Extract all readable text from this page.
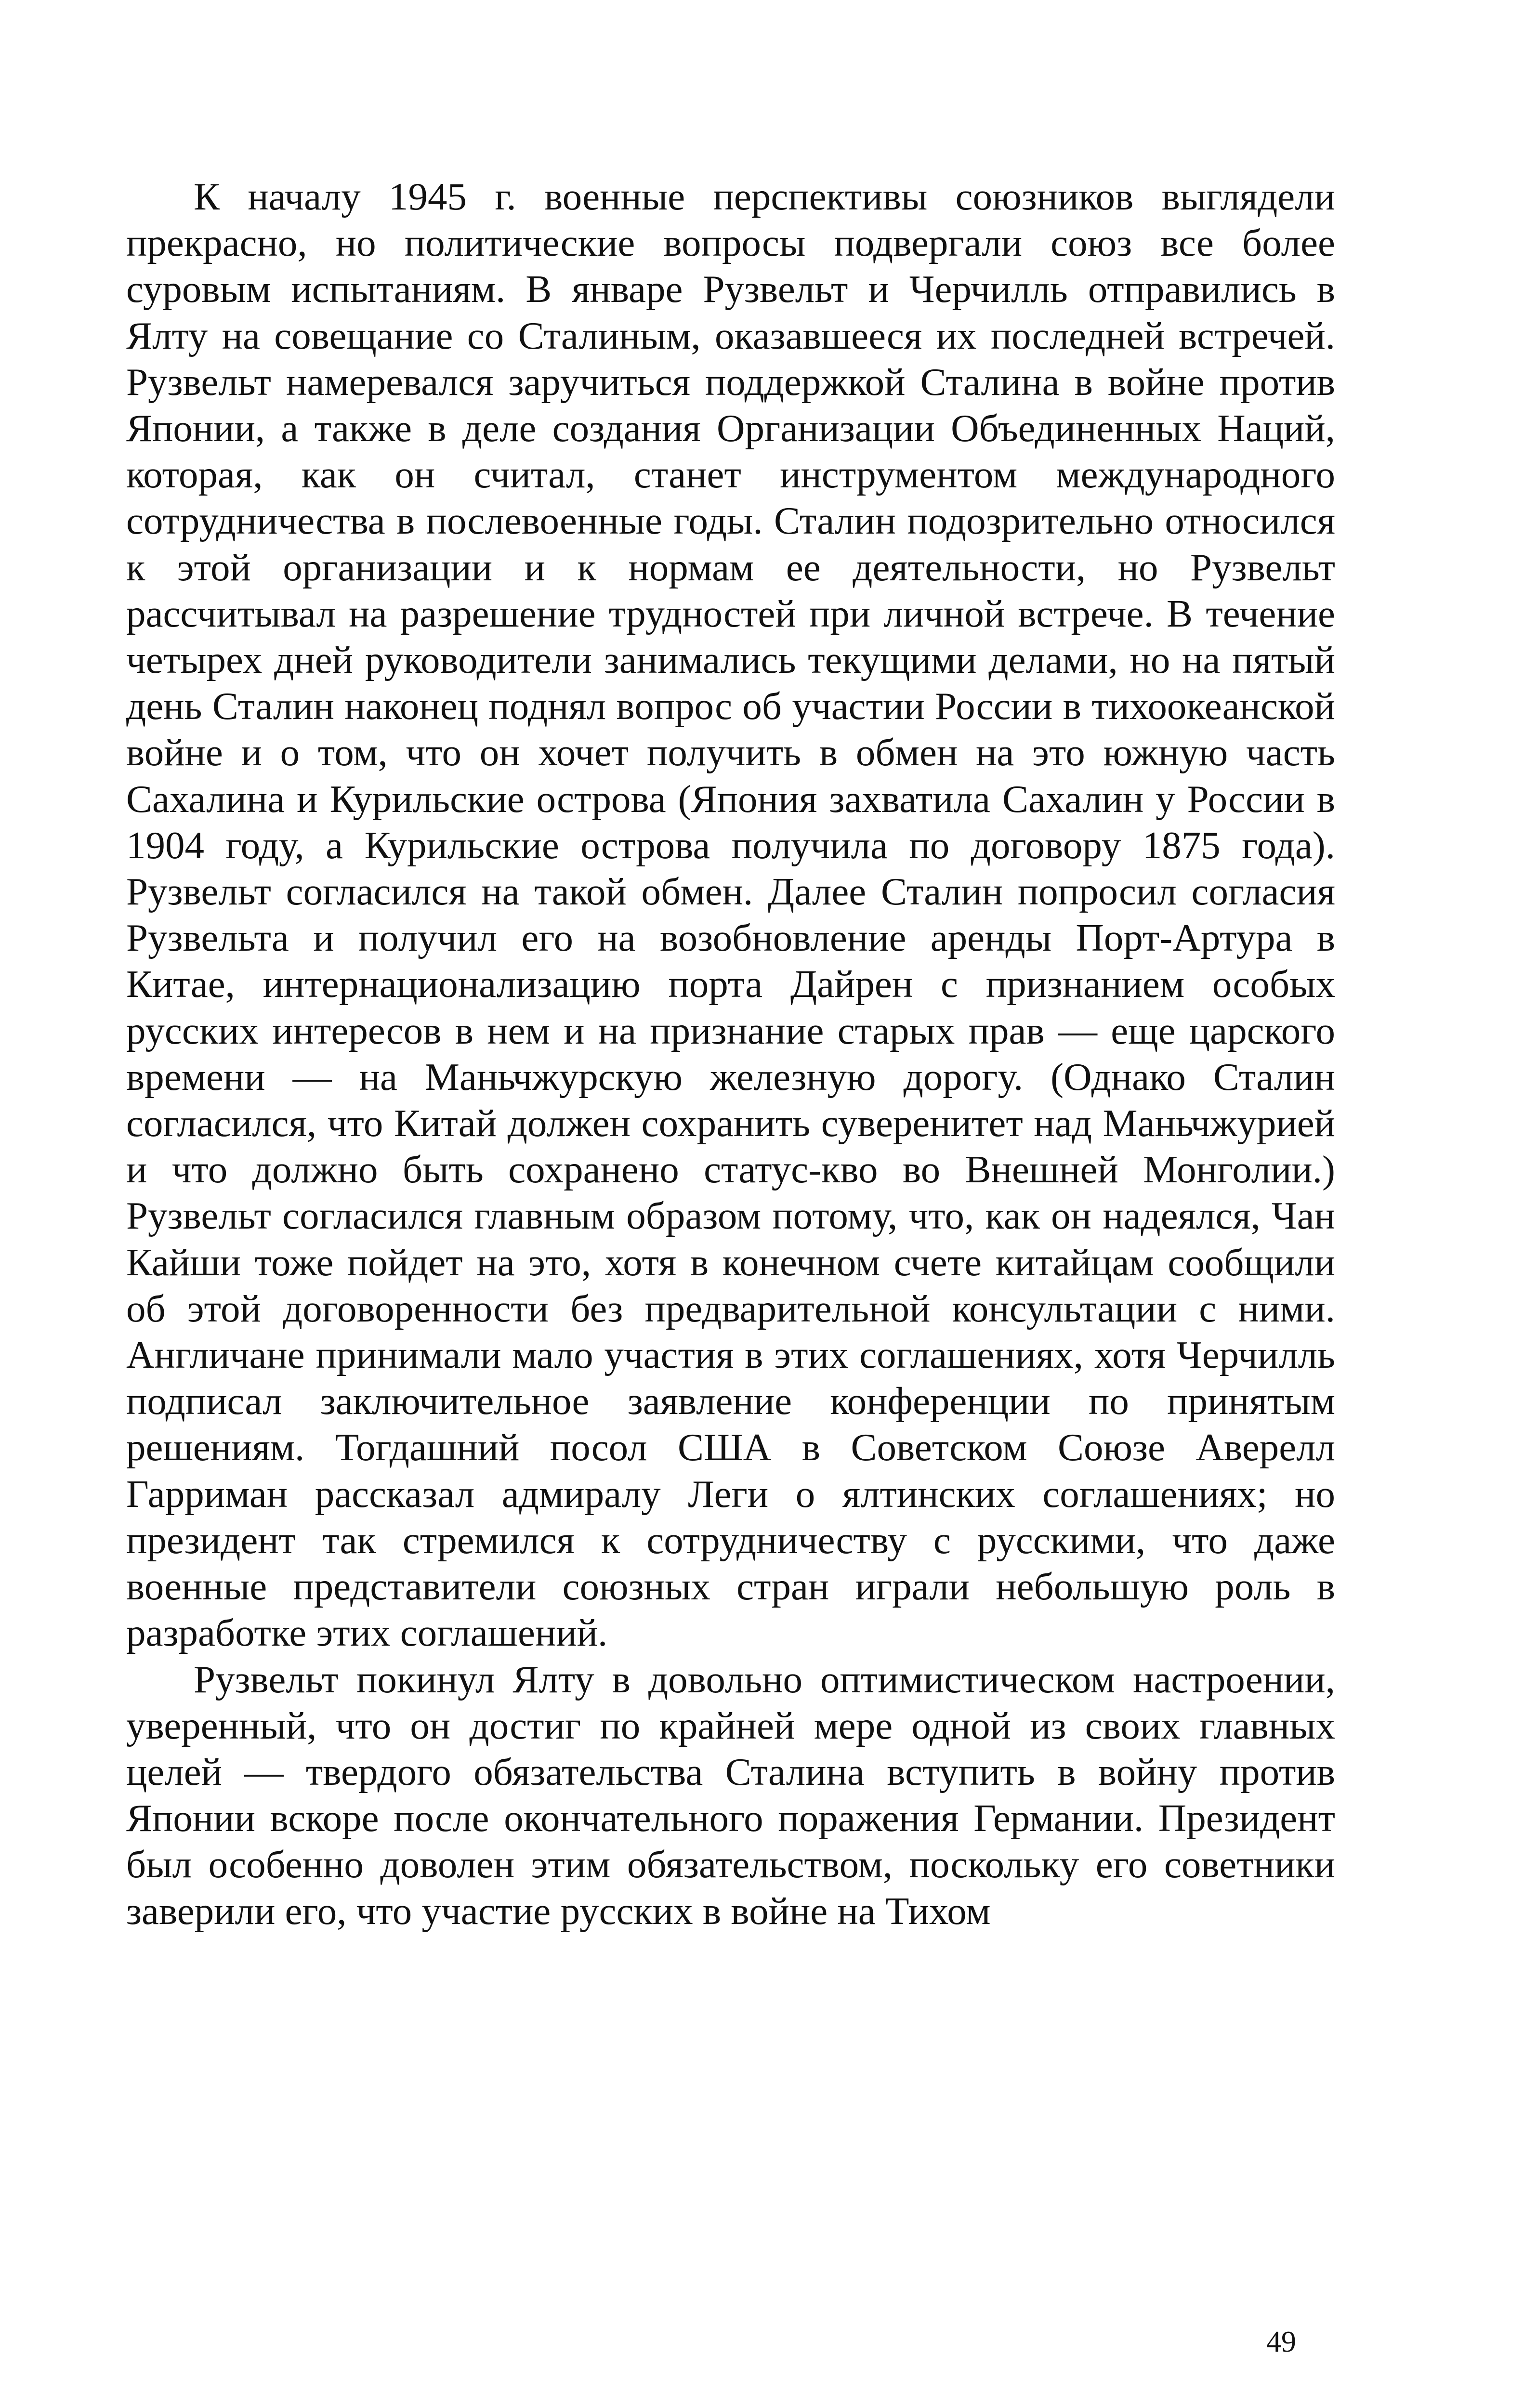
К началу 1945 г. военные перспективы союзников выглядели прекрасно, но политические вопросы подвергали союз все более суровым испытаниям. В январе Рузвельт и Черчилль отправились в Ялту на совещание со Сталиным, оказавшееся их последней встречей. Рузвельт намеревался заручиться поддержкой Сталина в войне против Японии, а также в деле создания Организации Объединенных Наций, которая, как он считал, станет инструментом международного сотрудничества в послевоенные годы. Сталин подозрительно относился к этой организации и к нормам ее деятельности, но Рузвельт рассчитывал на разрешение трудностей при личной встрече. В течение четырех дней руководители занимались текущими делами, но на пятый день Сталин наконец поднял вопрос об участии России в тихоокеанской войне и о том, что он хочет получить в обмен на это южную часть Сахалина и Курильские острова (Япония захватила Сахалин у России в 1904 году, а Курильские острова получила по договору 1875 года). Рузвельт согласился на такой обмен. Далее Сталин попросил согласия Рузвельта и получил его на возобновление аренды Порт-Артура в Китае, интернационализацию порта Дайрен с признанием особых русских интересов в нем и на признание старых прав — еще царского времени — на Маньчжурскую железную дорогу. (Однако Сталин согласился, что Китай должен сохранить суверенитет над Маньчжурией и что должно быть сохранено статус-кво во Внешней Монголии.) Рузвельт согласился главным образом потому, что, как он надеялся, Чан Кайши тоже пойдет на это, хотя в конечном счете китайцам сообщили об этой договоренности без предварительной консультации с ними. Англичане принимали мало участия в этих соглашениях, хотя Черчилль подписал заключительное заявление конференции по принятым решениям. Тогдашний посол США в Советском Союзе Аверелл Гарриман рассказал адмиралу Леги о ялтинских соглашениях; но президент так стремился к сотрудничеству с русскими, что даже военные представители союзных стран играли небольшую роль в разработке этих соглашений.

Рузвельт покинул Ялту в довольно оптимистическом настроении, уверенный, что он достиг по крайней мере одной из своих главных целей — твердого обязательства Сталина вступить в войну против Японии вскоре после окончательного поражения Германии. Президент был особенно доволен этим обязательством, поскольку его советники заверили его, что участие русских в войне на Тихом

49
